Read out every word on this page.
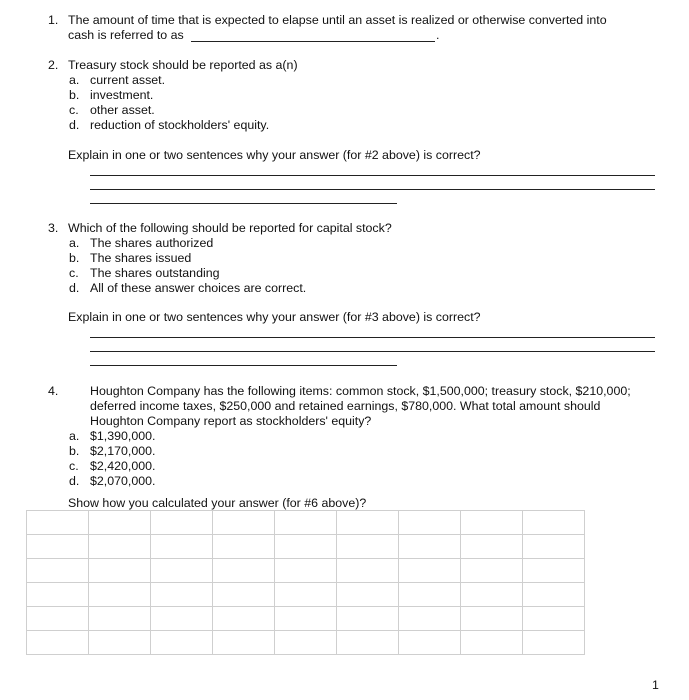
1. The amount of time that is expected to elapse until an asset is realized or otherwise converted into
cash is referred to as	.
2. Treasury stock should be reported as a(n)
a. current asset.
b. investment.
c. other asset.
d. reduction of stockholders' equity.
Explain in one or two sentences why your answer (for #2 above) is correct?
3. Which of the following should be reported for capital stock?
a. The shares authorized
b. The shares issued
c. The shares outstanding
d. All of these answer choices are correct.
Explain in one or two sentences why your answer (for #3 above) is correct?
4.	Houghton Company has the following items: common stock, $1,500,000; treasury stock, $210,000;
deferred income taxes, $250,000 and retained earnings, $780,000. What total amount should
Houghton Company report as stockholders' equity?
a. $1,390,000.
b. $2,170,000.
c. $2,420,000.
d. $2,070,000.
Show how you calculated your answer (for #6 above)?

1
